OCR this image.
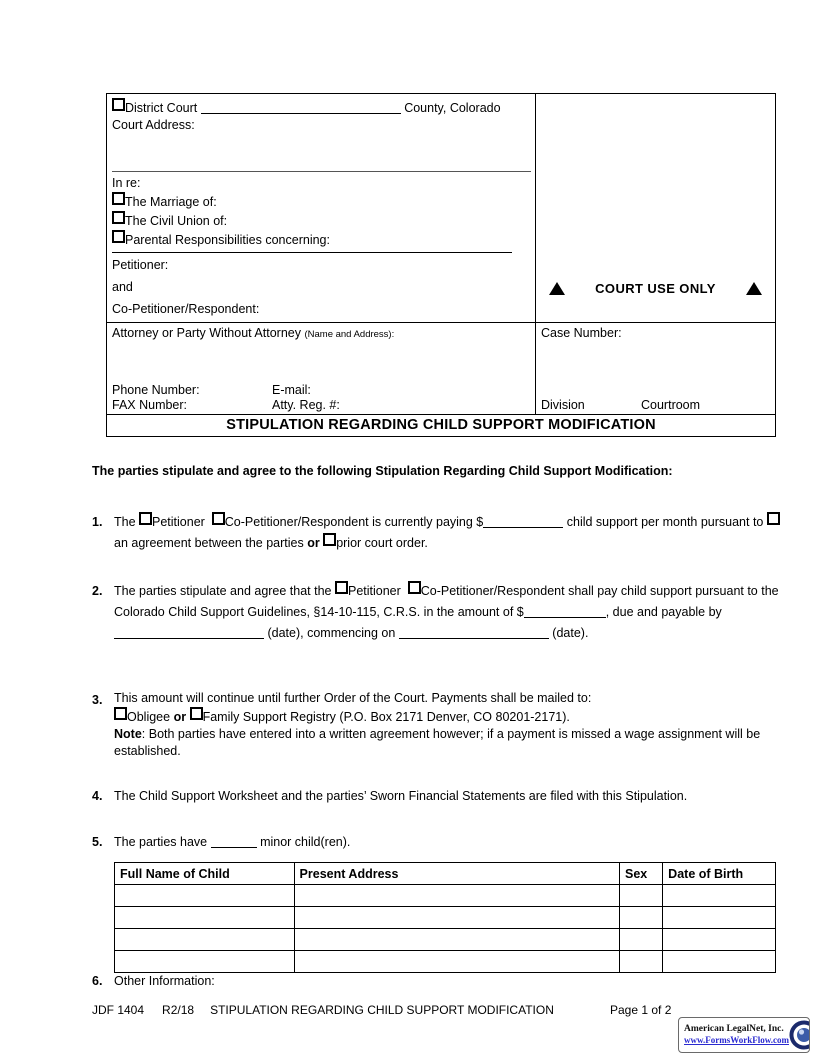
District Court	County, Colorado
Court Address:
In re:
The Marriage of:
The Civil Union of:
Parental Responsibilities concerning:
Petitioner:
and
Co-Petitioner/Respondent:
COURT USE ONLY
Attorney or Party Without Attorney (Name and Address):
Phone Number:	E-mail:
FAX Number:	Atty. Reg. #:
Case Number:
Division	Courtroom
STIPULATION REGARDING CHILD SUPPORT MODIFICATION
The parties stipulate and agree to the following Stipulation Regarding Child Support Modification:
1. The Petitioner Co-Petitioner/Respondent is currently paying $	child support per month pursuant to an agreement between the parties or prior court order.

2. The parties stipulate and agree that the Petitioner Co-Petitioner/Respondent shall pay child support pursuant to the Colorado Child Support Guidelines, §14-10-115, C.R.S. in the amount of $	, due and payable by (date), commencing on	(date).

3. This amount will continue until further Order of the Court. Payments shall be mailed to:
Obligee or Family Support Registry (P.O. Box 2171 Denver, CO 80201-2171).
Note: Both parties have entered into a written agreement however; if a payment is missed a wage assignment will be established.
4. The Child Support Worksheet and the parties’ Sworn Financial Statements are filed with this Stipulation.
5. The parties have	minor child(ren).
Full Name of Child	Present Address	Sex	Date of Birth

6. Other Information:
JDF 1404 R2/18 STIPULATION REGARDING CHILD SUPPORT MODIFICATION	Page 1 of 2
American LegalNet, Inc.
www.FormsWorkFlow.com
